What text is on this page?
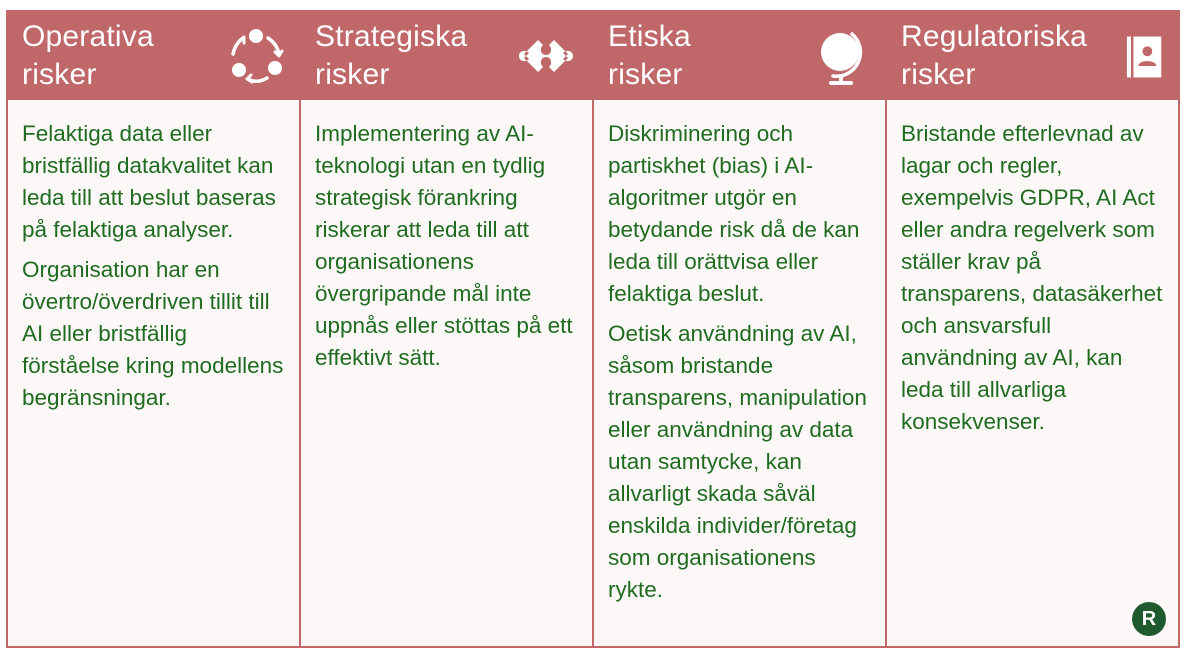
Operativa
risker

Felaktiga data eller bristfällig datakvalitet kan leda till att beslut baseras på felaktiga analyser.

Organisation har en övertro/överdriven tillit till AI eller bristfällig förståelse kring modellens begränsningar.

Strategiska
risker

Implementering av AI-teknologi utan en tydlig strategisk förankring riskerar att leda till att organisationens övergripande mål inte uppnås eller stöttas på ett effektivt sätt.

Etiska
risker

Diskriminering och partiskhet (bias) i AI-algoritmer utgör en betydande risk då de kan leda till orättvisa eller felaktiga beslut.

Oetisk användning av AI, såsom bristande transparens, manipulation eller användning av data utan samtycke, kan allvarligt skada såväl enskilda individer/företag som organisationens rykte.

Regulatoriska
risker

Bristande efterlevnad av lagar och regler, exempelvis GDPR, AI Act eller andra regelverk som ställer krav på transparens, datasäkerhet och ansvarsfull användning av AI, kan leda till allvarliga konsekvenser.

R
